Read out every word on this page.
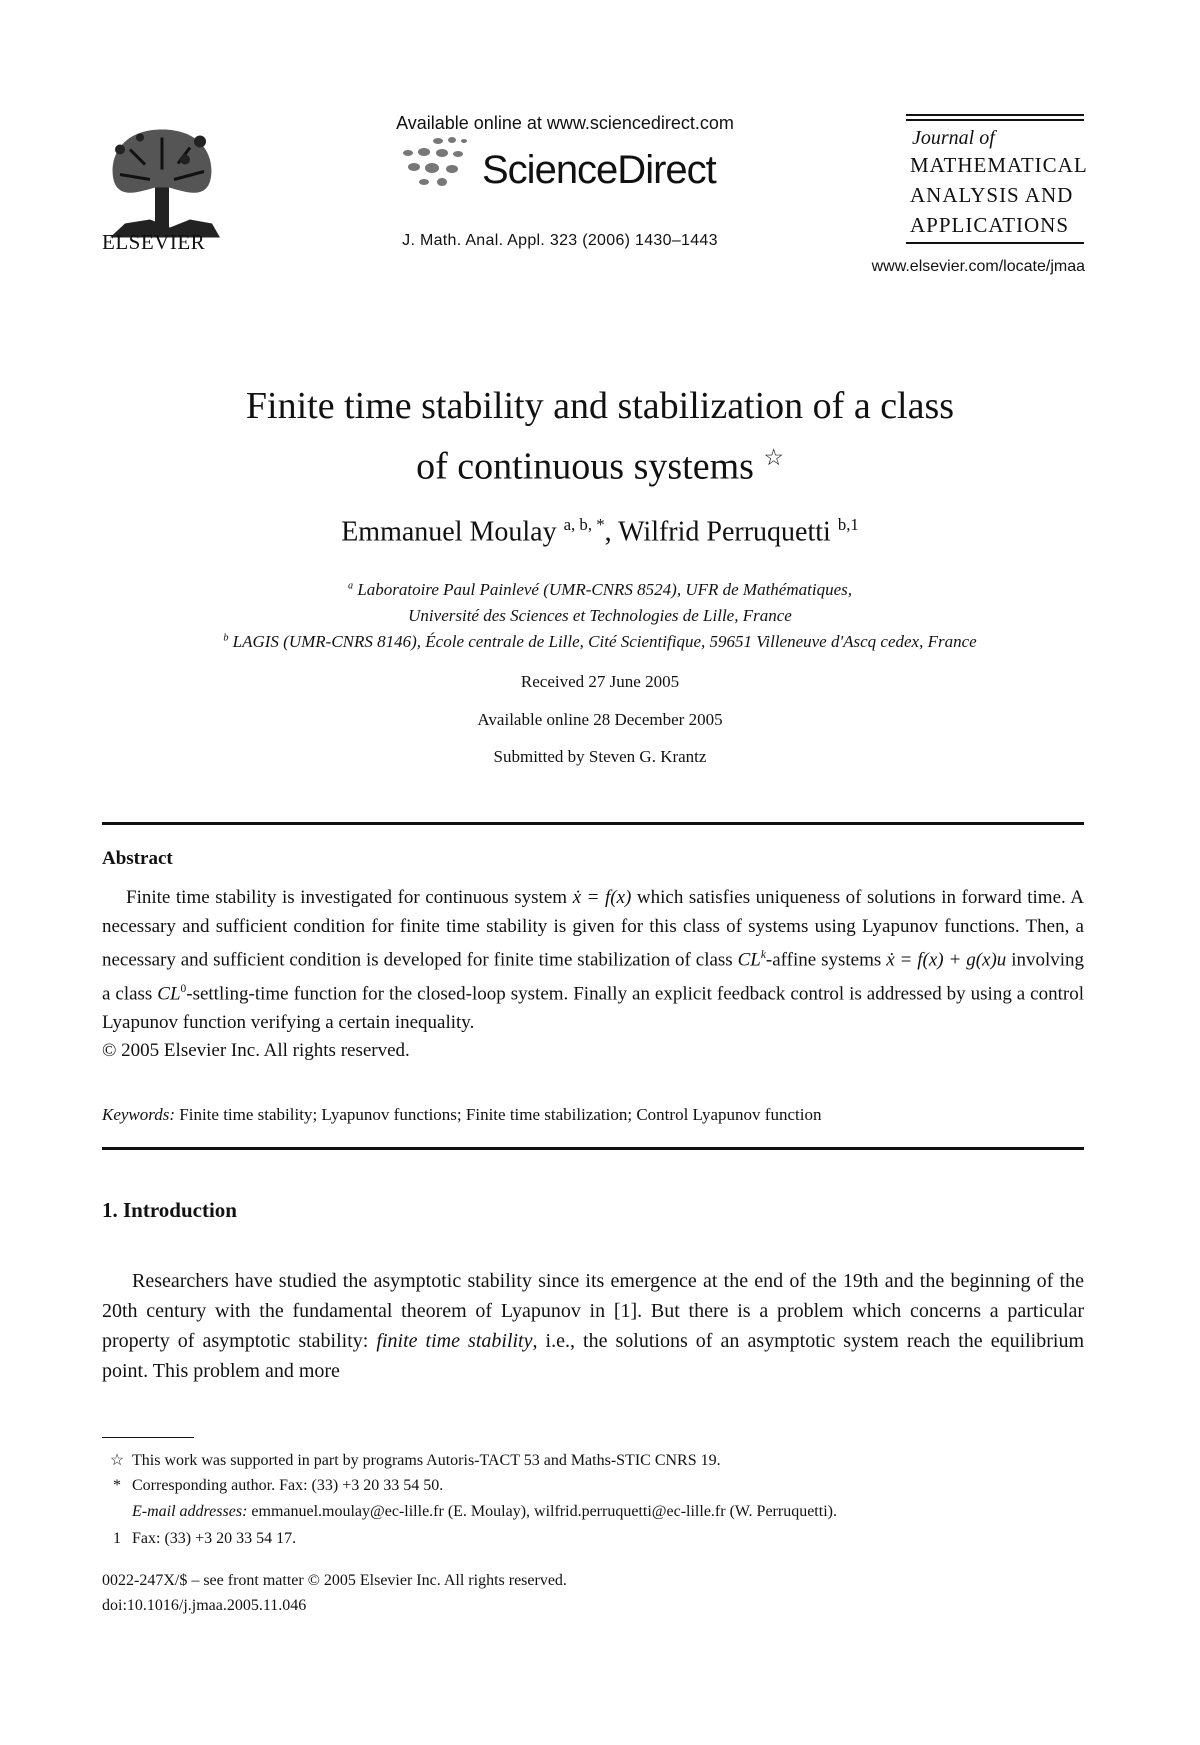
ELSEVIER
Available online at www.sciencedirect.com
ScienceDirect
J. Math. Anal. Appl. 323 (2006) 1430–1443
Journal of
MATHEMATICAL
ANALYSIS AND
APPLICATIONS
www.elsevier.com/locate/jmaa
Finite time stability and stabilization of a class
of continuous systems ☆
Emmanuel Moulay $^{a, b, *}$, Wilfrid Perruquetti $^{b,1}$
$^a$ Laboratoire Paul Painlevé (UMR-CNRS 8524), UFR de Mathématiques,
Université des Sciences et Technologies de Lille, France
$^b$ LAGIS (UMR-CNRS 8146), École centrale de Lille, Cité Scientifique, 59651 Villeneuve d'Ascq cedex, France
Received 27 June 2005
Available online 28 December 2005
Submitted by Steven G. Krantz
Abstract
Finite time stability is investigated for continuous system ẋ = f(x) which satisfies uniqueness of solutions in forward time. A necessary and sufficient condition for finite time stability is given for this class of systems using Lyapunov functions. Then, a necessary and sufficient condition is developed for finite time stabilization of class $CL^k$-affine systems ẋ = f(x) + g(x)u involving a class $CL^0-settling$-time function for the closed-loop system. Finally an explicit feedback control is addressed by using a control Lyapunov function verifying a certain inequality.
© 2005 Elsevier Inc. All rights reserved.
Keywords: Finite time stability; Lyapunov functions; Finite time stabilization; Control Lyapunov function
1. Introduction
Researchers have studied the asymptotic stability since its emergence at the end of the 19th and the beginning of the 20th century with the fundamental theorem of Lyapunov in [1]. But there is a problem which concerns a particular property of asymptotic stability: finite time stability, i.e., the solutions of an asymptotic system reach the equilibrium point. This problem and more
☆ This work was supported in part by programs Autoris-TACT 53 and Maths-STIC CNRS 19.
* Corresponding author. Fax: (33) +3 20 33 54 50.
E-mail addresses: emmanuel.moulay@ec-lille.fr (E. Moulay), wilfrid.perruquetti@ec-lille.fr (W. Perruquetti).
1 Fax: (33) +3 20 33 54 17.
0022-247X/$ – see front matter © 2005 Elsevier Inc. All rights reserved.
doi:10.1016/j.jmaa.2005.11.046
